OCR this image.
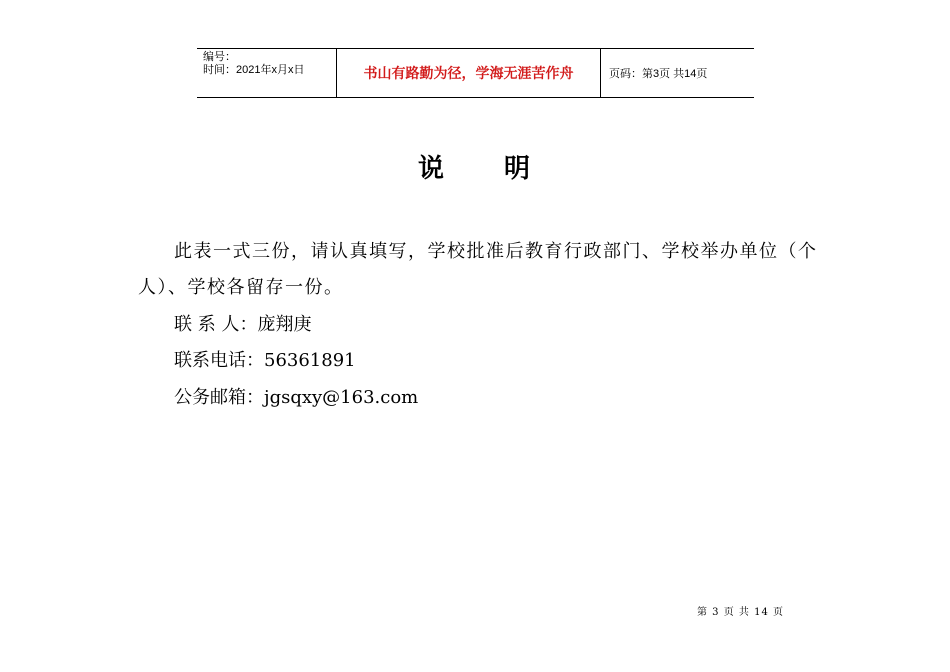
编号：
时间：2021年x月x日	书山有路勤为径，学海无涯苦作舟	页码：第3页 共14页
说 明
此表一式三份，请认真填写，学校批准后教育行政部门、学校举办单位（个人）、学校各留存一份。
联 系 人：庞翔庚
联系电话：56361891
公务邮箱：jgsqxy@163.com
第 3 页 共 14 页
